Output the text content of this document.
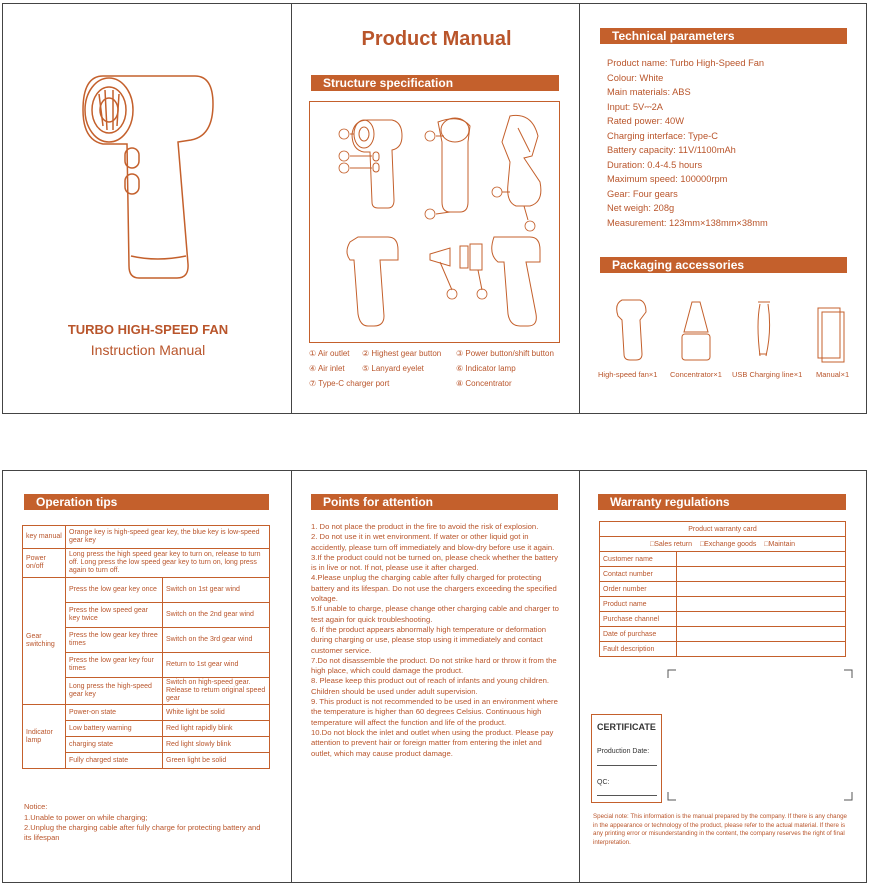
TURBO HIGH-SPEED FAN
Instruction Manual
Product Manual
Structure specification
① Air outlet ② Highest gear button ③ Power button/shift button
④ Air inlet ⑤ Lanyard eyelet	⑥ Indicator lamp
⑦ Type-C charger port	⑧ Concentrator
Technical parameters
Product name: Turbo High-Speed Fan
Colour: White
Main materials: ABS
Input: 5V⎓2A
Rated power: 40W
Charging interface: Type-C
Battery capacity: 11V/1100mAh
Duration: 0.4-4.5 hours
Maximum speed: 100000rpm
Gear: Four gears
Net weigh: 208g
Measurement: 123mm×138mm×38mm
Packaging accessories
High-speed fan×1 Concentrator×1 USB Charging line×1 Manual×1
Operation tips
key manual	Orange key is high-speed gear key, the blue key is low-speed gear key	
Power on/off	Long press the high speed gear key to turn on, release to turn off. Long press the low speed gear key to turn on, long press again to turn off.	
Gear switching	Press the low gear key once	Switch on 1st gear wind
	Press the low speed gear key twice	Switch on the 2nd gear wind
	Press the low gear key three times	Switch on the 3rd gear wind
	Press the low gear key four times	Return to 1st gear wind
	Long press the high-speed gear key	Switch on high-speed gear. Release to return original speed gear
Indicator lamp	Power-on state	White light be solid
	Low battery warning	Red light rapidly blink
	charging state	Red light slowly blink
	Fully charged state	Green light be solid
Notice:
1.Unable to power on while charging;
2.Unplug the charging cable after fully charge for protecting battery and its lifespan
Points for attention
1. Do not place the product in the fire to avoid the risk of explosion.
2. Do not use it in wet environment. If water or other liquid got in accidently, please turn off immediately and blow-dry before use it again.
3.If the product could not be turned on, please check whether the battery is in live or not. If not, please use it after charged.
4.Please unplug the charging cable after fully charged for protecting battery and its lifespan. Do not use the chargers exceeding the specified voltage.
5.If unable to charge, please change other charging cable and charger to test again for quick troubleshooting.
6. If the product appears abnormally high temperature or deformation during charging or use, please stop using it immediately and contact customer service.
7.Do not disassemble the product. Do not strike hard or throw it from the high place, which could damage the product.
8. Please keep this product out of reach of infants and young children. Children should be used under adult supervision.
9. This product is not recommended to be used in an environment where the temperature is higher than 60 degrees Celsius. Continuous high temperature will affect the function and life of the product.
10.Do not block the inlet and outlet when using the product. Please pay attention to prevent hair or foreign matter from entering the inlet and outlet, which may cause product damage.
Warranty regulations
Product warranty card	
□Sales return □Exchange goods □Maintain	
Customer name	
Contact number	
Order number	
Product name	
Purchase channel	
Date of purchase	
Fault description	
CERTIFICATE
Production Date:
QC:
Special note: This information is the manual prepared by the company. If there is any change in the appearance or technology of the product, please refer to the actual material. If there is any printing error or misunderstanding in the content, the company reserves the right of final interpretation.
